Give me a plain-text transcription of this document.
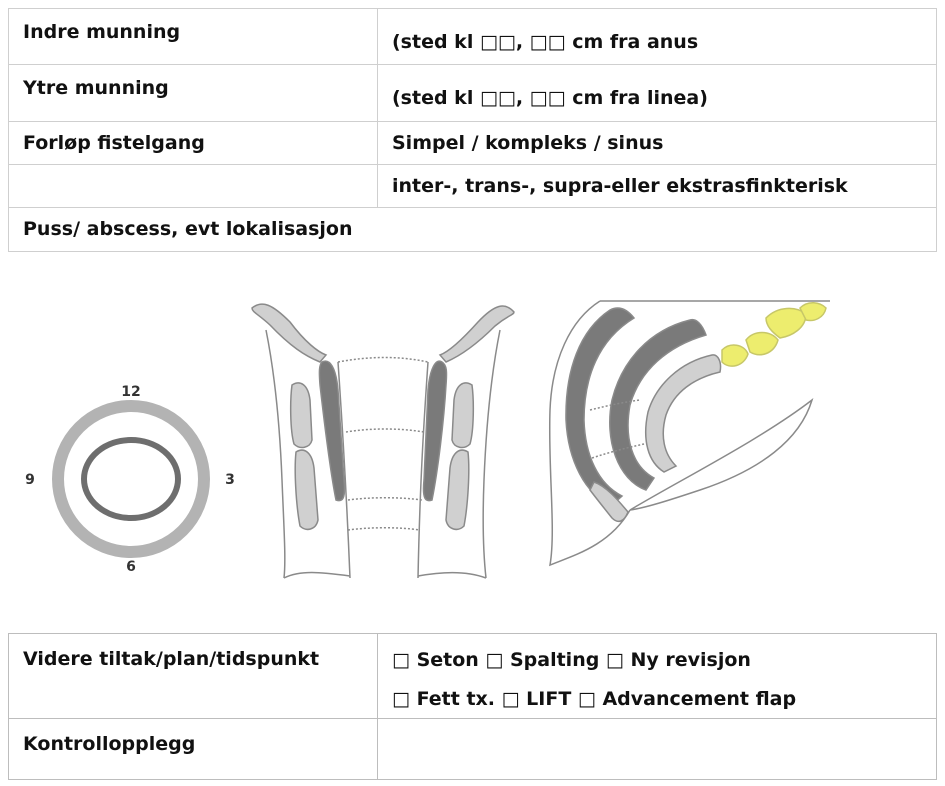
Indre munning	(sted kl □□, □□ cm fra anus
Ytre munning	(sted kl □□, □□ cm fra linea)
Forløp fistelgang	Simpel / kompleks / sinus
	inter-, trans-, supra-eller ekstrasfinkterisk
Puss/ abscess, evt lokalisasjon	
12
3
6
9
Videre tiltak/plan/tidspunkt	□ Seton □ Spalting □ Ny revisjon
□ Fett tx. □ LIFT □ Advancement flap

Kontrollopplegg	
